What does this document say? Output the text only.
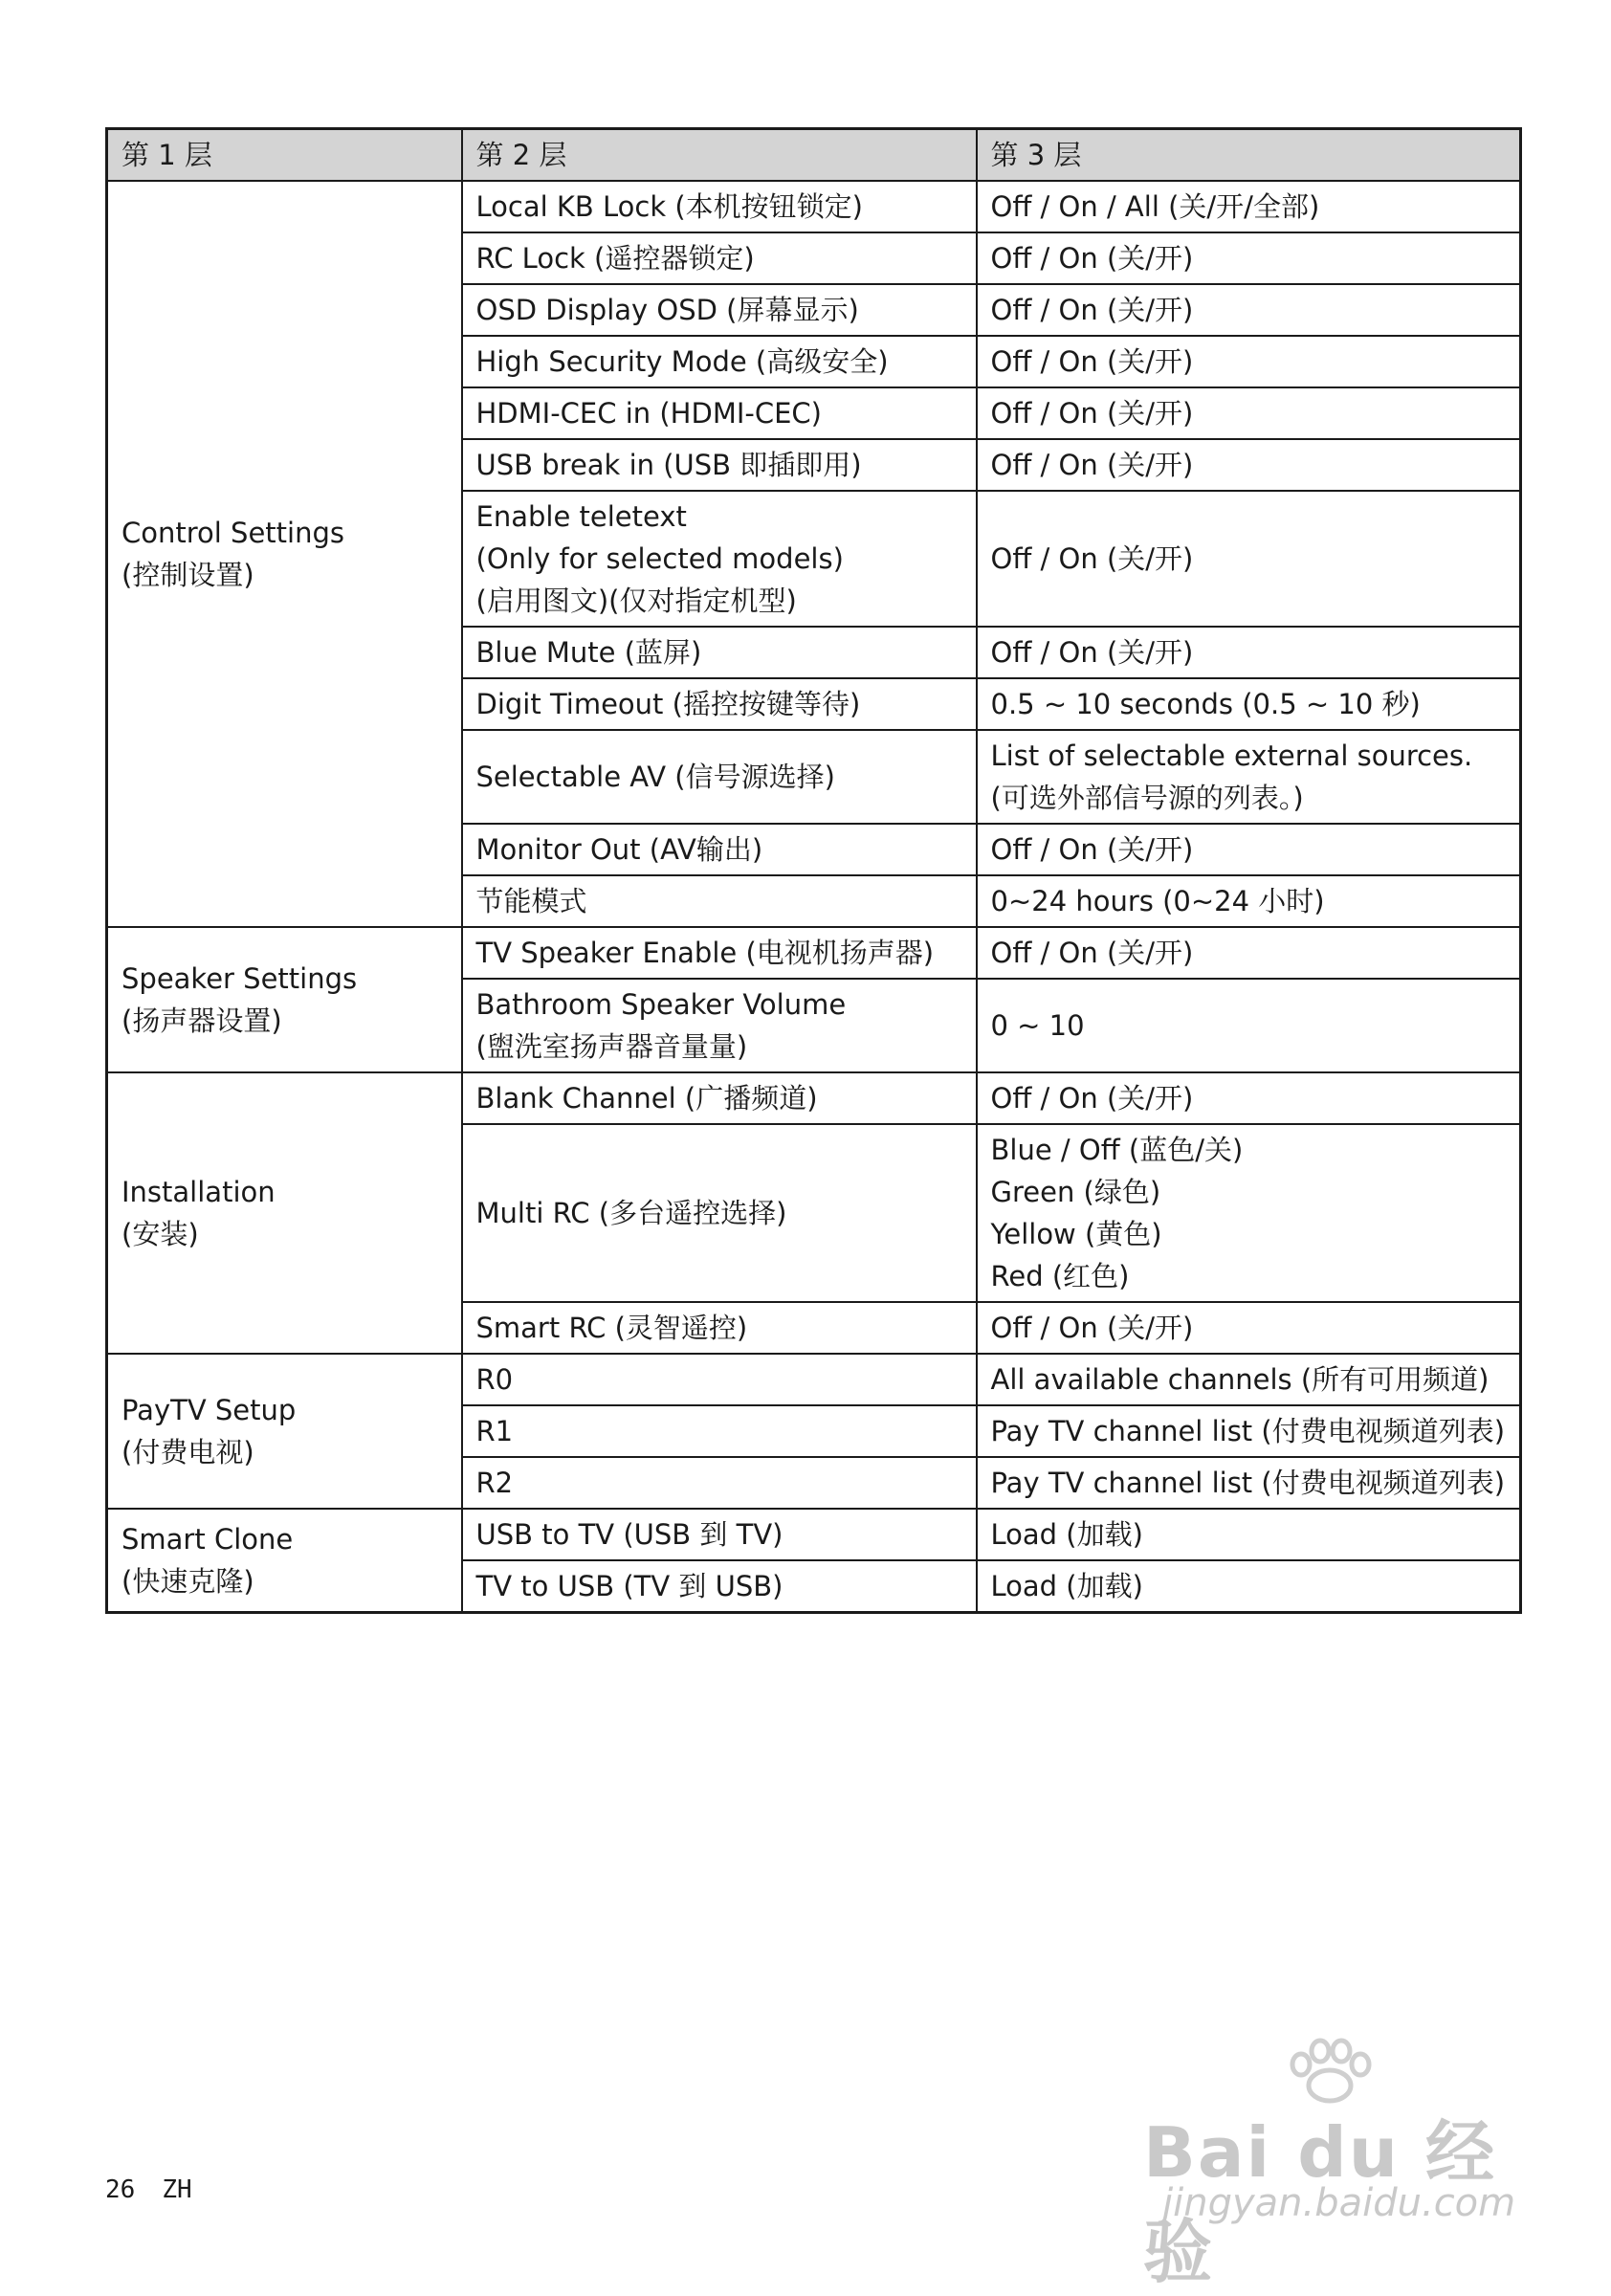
第 1 层	第 2 层	第 3 层

Control Settings
(控制设置)	Local KB Lock (本机按钮锁定)	Off / On / All (关/开/全部)

	RC Lock (遥控器锁定)	Off / On (关/开)

	OSD Display OSD (屏幕显示)	Off / On (关/开)

	High Security Mode (高级安全)	Off / On (关/开)

	HDMI-CEC in (HDMI-CEC)	Off / On (关/开)

	USB break in (USB 即插即用)	Off / On (关/开)

	Enable teletext
(Only for selected models)
(启用图文)(仅对指定机型)	Off / On (关/开)

	Blue Mute (蓝屏)	Off / On (关/开)

	Digit Timeout (摇控按键等待)	0.5 ~ 10 seconds (0.5 ~ 10 秒)

	Selectable AV (信号源选择)	List of selectable external sources.
(可选外部信号源的列表。)

	Monitor Out (AV输出)	Off / On (关/开)

	节能模式	0~24 hours (0~24 小时)

Speaker Settings
(扬声器设置)	TV Speaker Enable (电视机扬声器)	Off / On (关/开)

	Bathroom Speaker Volume
(盥洗室扬声器音量量)	0 ~ 10

Installation
(安装)	Blank Channel (广播频道)	Off / On (关/开)

	Multi RC (多台遥控选择)	Blue / Off (蓝色/关)
Green (绿色)
Yellow (黄色)
Red (红色)

	Smart RC (灵智遥控)	Off / On (关/开)

PayTV Setup
(付费电视)	R0	All available channels (所有可用频道)

	R1	Pay TV channel list (付费电视频道列表)

	R2	Pay TV channel list (付费电视频道列表)

Smart Clone
(快速克隆)	USB to TV (USB 到 TV)	Load (加载)

	TV to USB (TV 到 USB)	Load (加载)
26 ZH	Bai du 经验
jingyan.baidu.com
